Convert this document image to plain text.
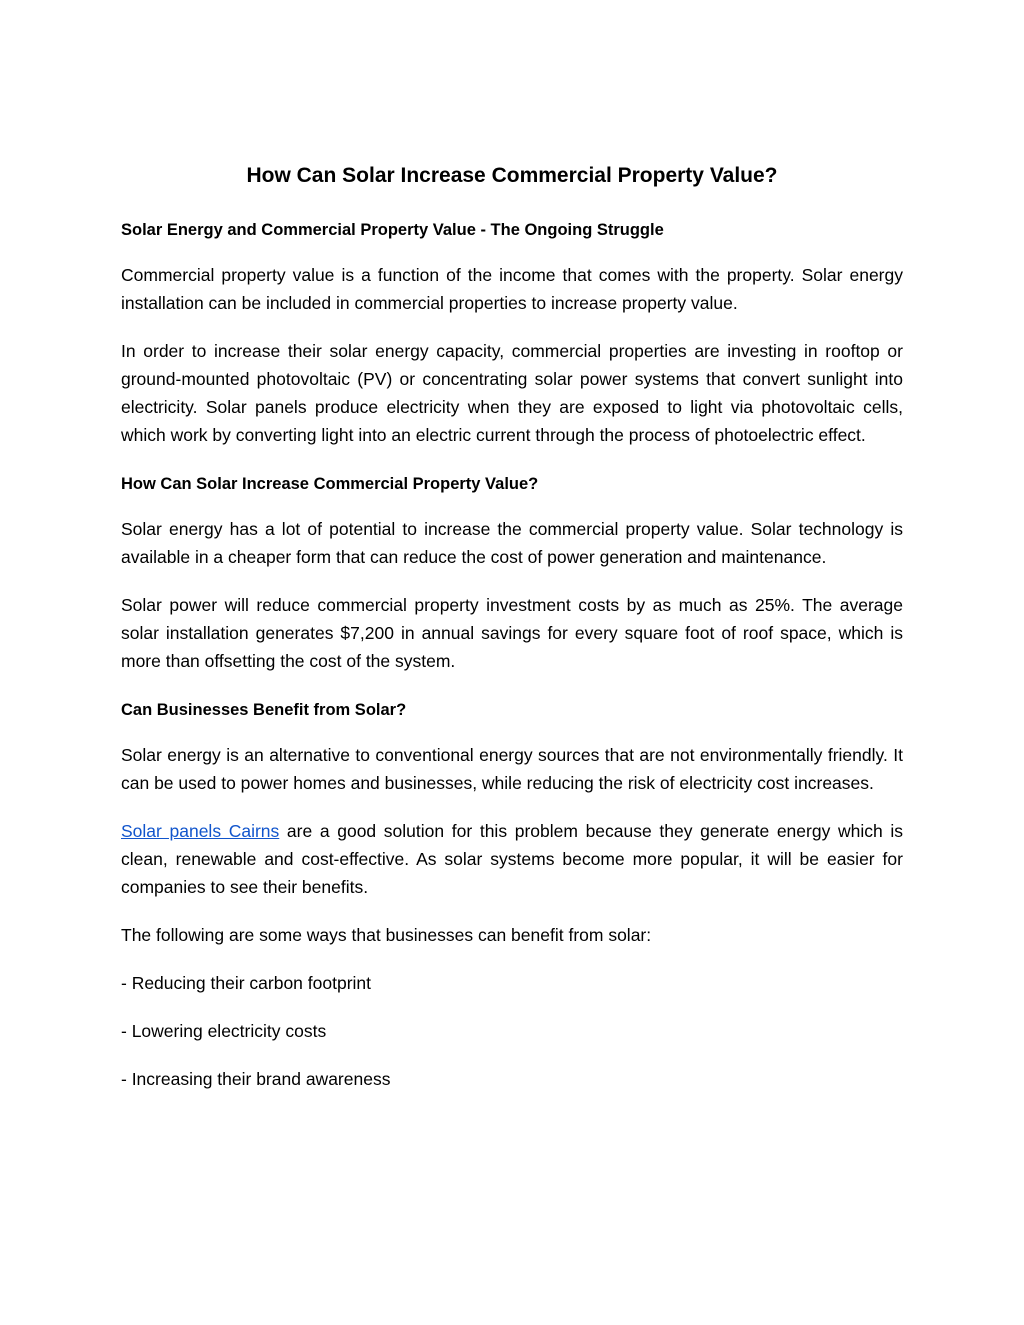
How Can Solar Increase Commercial Property Value?
Solar Energy and Commercial Property Value - The Ongoing Struggle

Commercial property value is a function of the income that comes with the property. Solar energy installation can be included in commercial properties to increase property value.

In order to increase their solar energy capacity, commercial properties are investing in rooftop or ground-mounted photovoltaic (PV) or concentrating solar power systems that convert sunlight into electricity. Solar panels produce electricity when they are exposed to light via photovoltaic cells, which work by converting light into an electric current through the process of photoelectric effect.

How Can Solar Increase Commercial Property Value?

Solar energy has a lot of potential to increase the commercial property value. Solar technology is available in a cheaper form that can reduce the cost of power generation and maintenance.

Solar power will reduce commercial property investment costs by as much as 25%. The average solar installation generates $7,200 in annual savings for every square foot of roof space, which is more than offsetting the cost of the system.

Can Businesses Benefit from Solar?

Solar energy is an alternative to conventional energy sources that are not environmentally friendly. It can be used to power homes and businesses, while reducing the risk of electricity cost increases.

Solar panels Cairns are a good solution for this problem because they generate energy which is clean, renewable and cost-effective. As solar systems become more popular, it will be easier for companies to see their benefits.

The following are some ways that businesses can benefit from solar:

- Reducing their carbon footprint

- Lowering electricity costs

- Increasing their brand awareness
